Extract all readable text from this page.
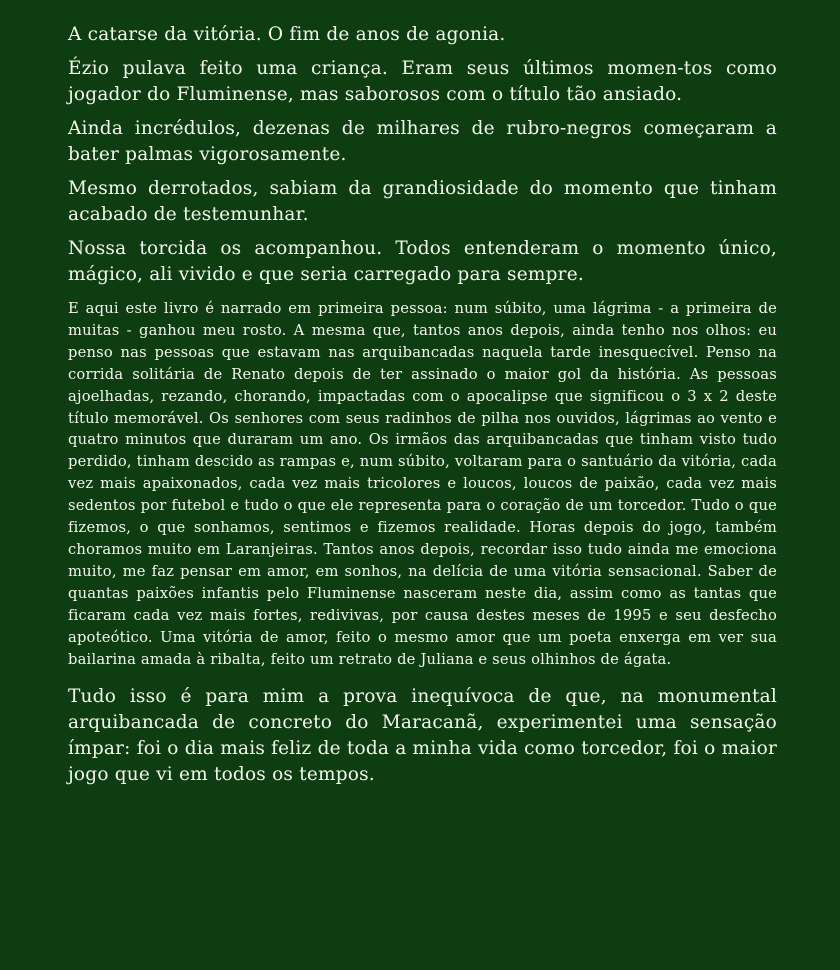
A catarse da vitória. O fim de anos de agonia.

Ézio pulava feito uma criança. Eram seus últimos momen-tos como jogador do Fluminense, mas saborosos com o título tão ansiado.

Ainda incrédulos, dezenas de milhares de rubro-negros começaram a bater palmas vigorosamente.

Mesmo derrotados, sabiam da grandiosidade do momento que tinham acabado de testemunhar.

Nossa torcida os acompanhou. Todos entenderam o momento único, mágico, ali vivido e que seria carregado para sempre.

E aqui este livro é narrado em primeira pessoa: num súbito, uma lágrima - a primeira de muitas - ganhou meu rosto. A mesma que, tantos anos depois, ainda tenho nos olhos: eu penso nas pessoas que estavam nas arquibancadas naquela tarde inesquecível. Penso na corrida solitária de Renato depois de ter assinado o maior gol da história. As pessoas ajoelhadas, rezando, chorando, impactadas com o apocalipse que significou o 3 x 2 deste título memorável. Os senhores com seus radinhos de pilha nos ouvidos, lágrimas ao vento e quatro minutos que duraram um ano. Os irmãos das arquibancadas que tinham visto tudo perdido, tinham descido as rampas e, num súbito, voltaram para o santuário da vitória, cada vez mais apaixonados, cada vez mais tricolores e loucos, loucos de paixão, cada vez mais sedentos por futebol e tudo o que ele representa para o coração de um torcedor. Tudo o que fizemos, o que sonhamos, sentimos e fizemos realidade. Horas depois do jogo, também choramos muito em Laranjeiras. Tantos anos depois, recordar isso tudo ainda me emociona muito, me faz pensar em amor, em sonhos, na delícia de uma vitória sensacional. Saber de quantas paixões infantis pelo Fluminense nasceram neste dia, assim como as tantas que ficaram cada vez mais fortes, redivivas, por causa destes meses de 1995 e seu desfecho apoteótico. Uma vitória de amor, feito o mesmo amor que um poeta enxerga em ver sua bailarina amada à ribalta, feito um retrato de Juliana e seus olhinhos de ágata.

Tudo isso é para mim a prova inequívoca de que, na monumental arquibancada de concreto do Maracanã, experimentei uma sensação ímpar: foi o dia mais feliz de toda a minha vida como torcedor, foi o maior jogo que vi em todos os tempos.
